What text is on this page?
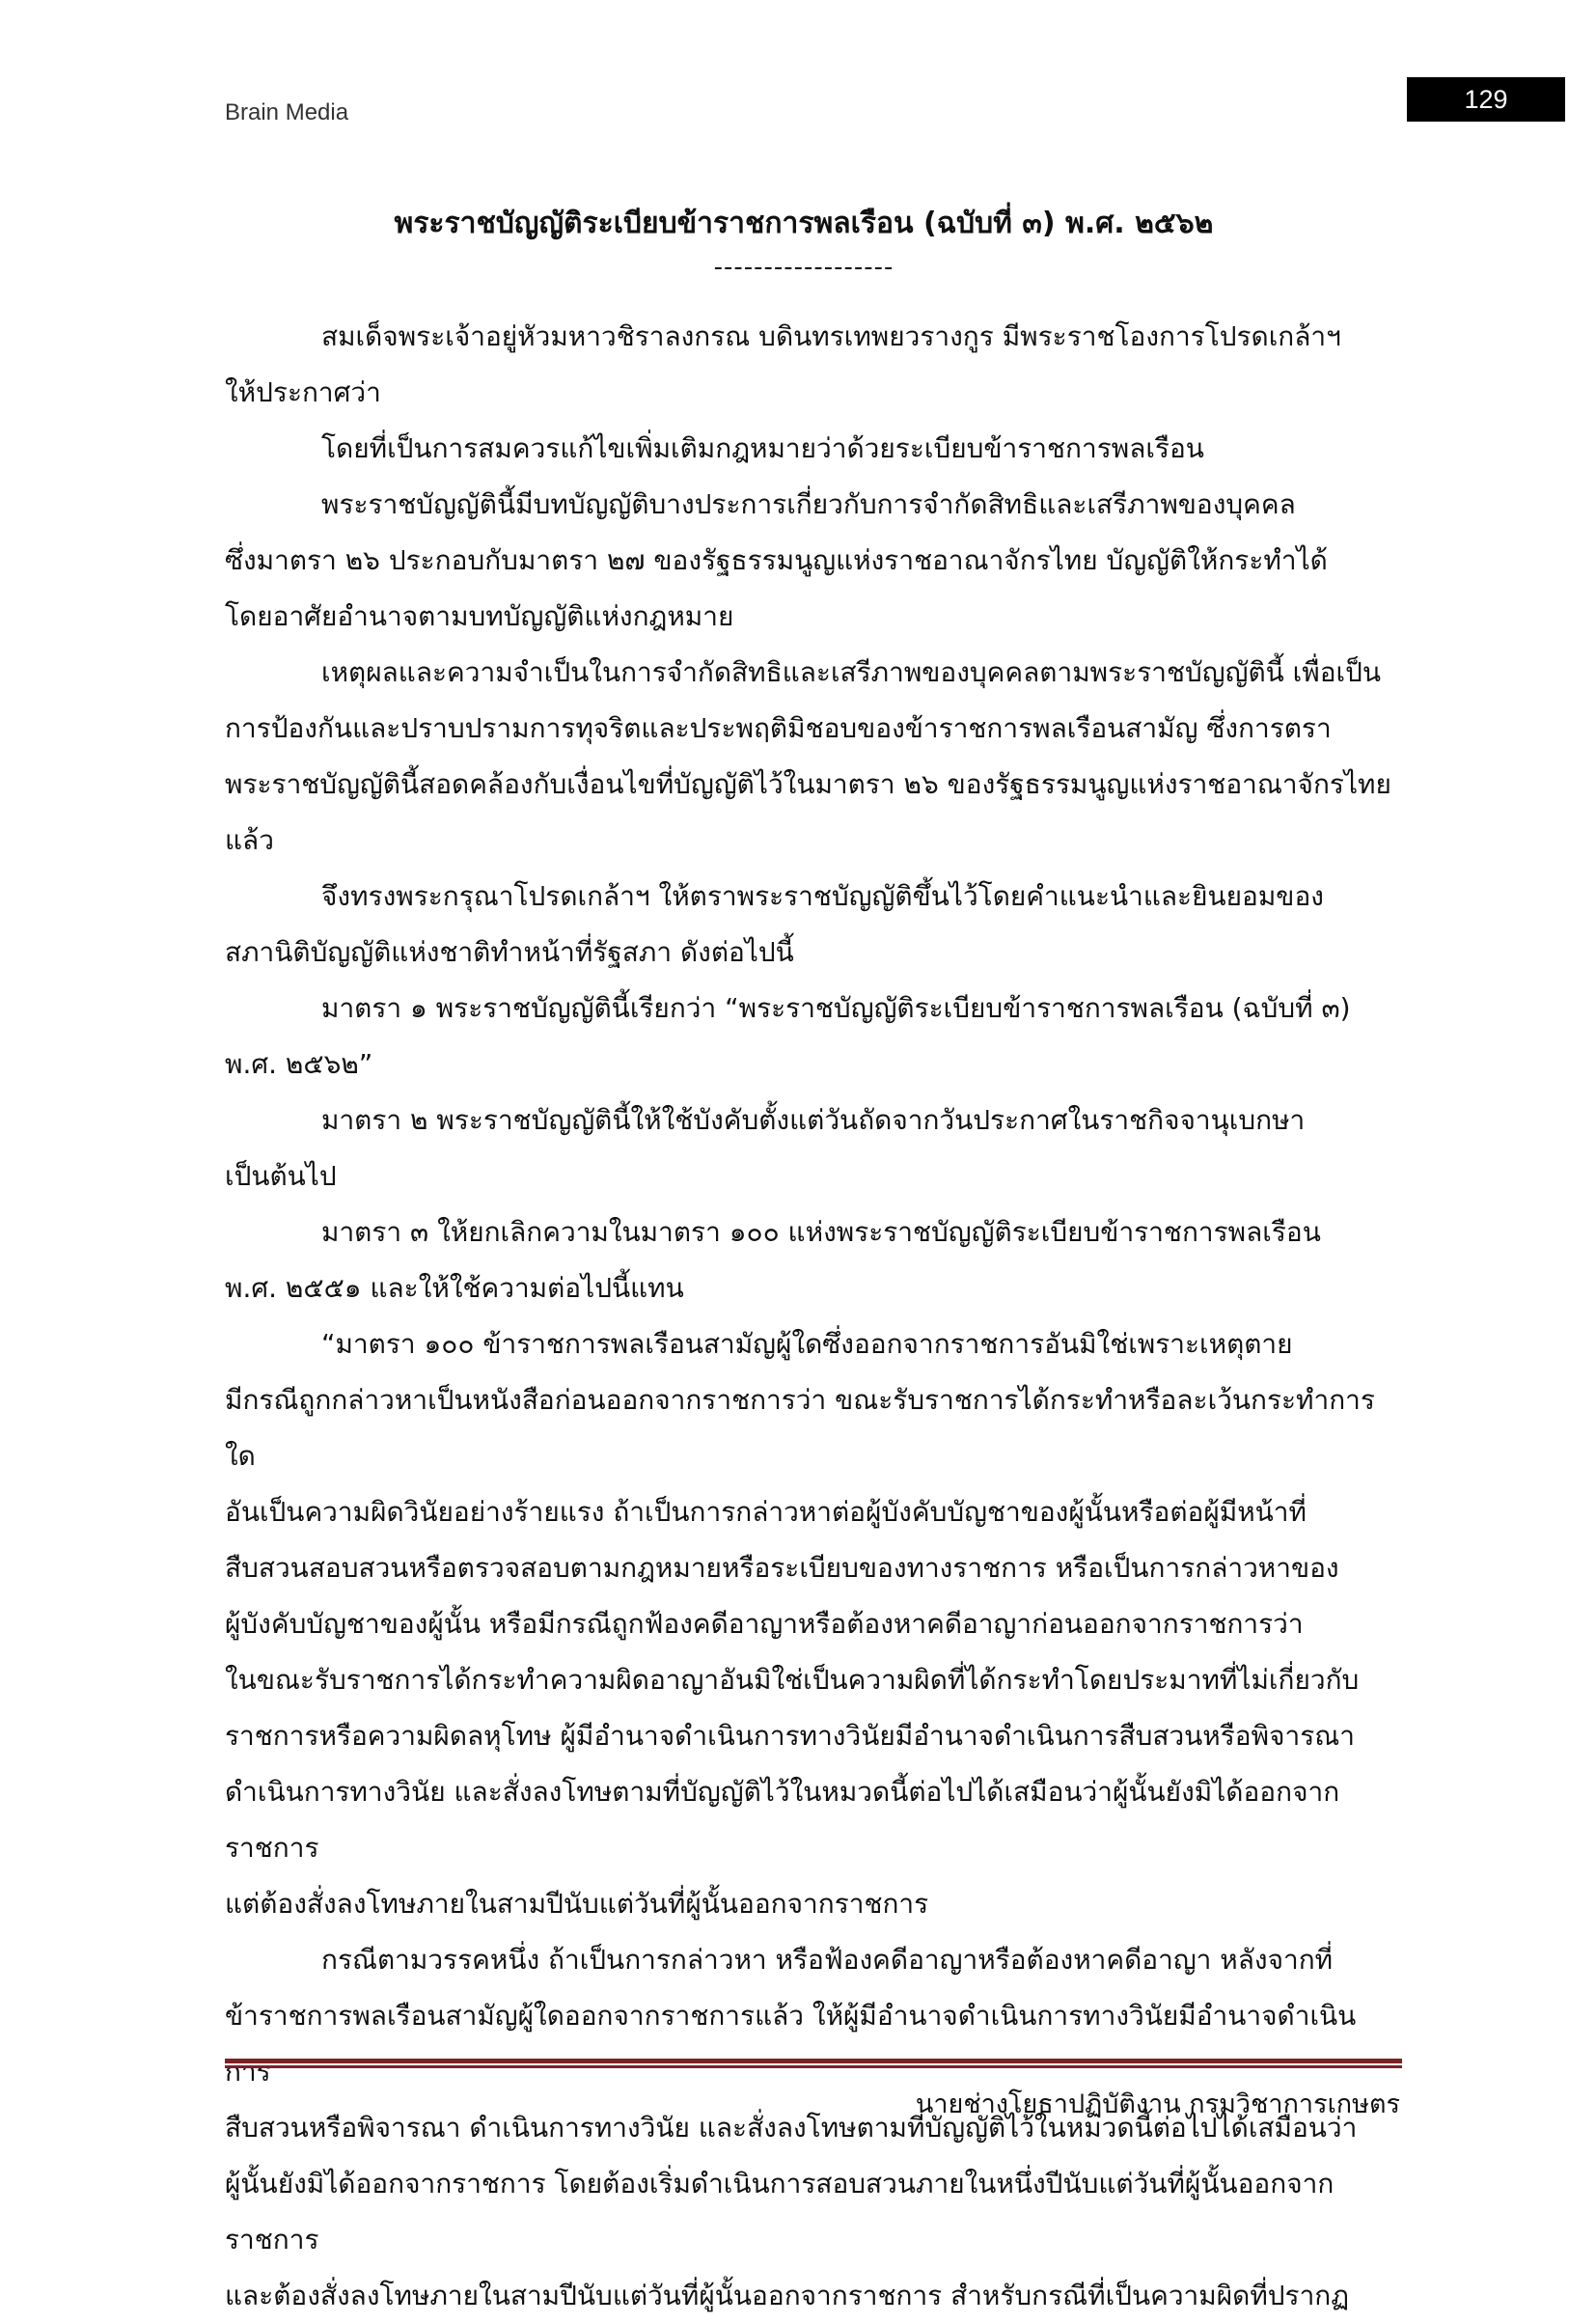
Brain Media	129
พระราชบัญญัติระเบียบข้าราชการพลเรือน (ฉบับที่ ๓) พ.ศ. ๒๕๖๒
------------------

สมเด็จพระเจ้าอยู่หัวมหาวชิราลงกรณ บดินทรเทพยวรางกูร มีพระราชโองการโปรดเกล้าฯ

ให้ประกาศว่า

โดยที่เป็นการสมควรแก้ไขเพิ่มเติมกฎหมายว่าด้วยระเบียบข้าราชการพลเรือน

พระราชบัญญัตินี้มีบทบัญญัติบางประการเกี่ยวกับการจำกัดสิทธิและเสรีภาพของบุคคล

ซึ่งมาตรา ๒๖ ประกอบกับมาตรา ๒๗ ของรัฐธรรมนูญแห่งราชอาณาจักรไทย บัญญัติให้กระทำได้

โดยอาศัยอำนาจตามบทบัญญัติแห่งกฎหมาย

เหตุผลและความจำเป็นในการจำกัดสิทธิและเสรีภาพของบุคคลตามพระราชบัญญัตินี้ เพื่อเป็น

การป้องกันและปราบปรามการทุจริตและประพฤติมิชอบของข้าราชการพลเรือนสามัญ ซึ่งการตรา

พระราชบัญญัตินี้สอดคล้องกับเงื่อนไขที่บัญญัติไว้ในมาตรา ๒๖ ของรัฐธรรมนูญแห่งราชอาณาจักรไทยแล้ว

จึงทรงพระกรุณาโปรดเกล้าฯ ให้ตราพระราชบัญญัติขึ้นไว้โดยคำแนะนำและยินยอมของ

สภานิติบัญญัติแห่งชาติทำหน้าที่รัฐสภา ดังต่อไปนี้

มาตรา ๑ พระราชบัญญัตินี้เรียกว่า “พระราชบัญญัติระเบียบข้าราชการพลเรือน (ฉบับที่ ๓)

พ.ศ. ๒๕๖๒”

มาตรา ๒ พระราชบัญญัตินี้ให้ใช้บังคับตั้งแต่วันถัดจากวันประกาศในราชกิจจานุเบกษา

เป็นต้นไป

มาตรา ๓ ให้ยกเลิกความในมาตรา ๑๐๐ แห่งพระราชบัญญัติระเบียบข้าราชการพลเรือน

พ.ศ. ๒๕๕๑ และให้ใช้ความต่อไปนี้แทน

“มาตรา ๑๐๐ ข้าราชการพลเรือนสามัญผู้ใดซึ่งออกจากราชการอันมิใช่เพราะเหตุตาย

มีกรณีถูกกล่าวหาเป็นหนังสือก่อนออกจากราชการว่า ขณะรับราชการได้กระทำหรือละเว้นกระทำการใด

อันเป็นความผิดวินัยอย่างร้ายแรง ถ้าเป็นการกล่าวหาต่อผู้บังคับบัญชาของผู้นั้นหรือต่อผู้มีหน้าที่

สืบสวนสอบสวนหรือตรวจสอบตามกฎหมายหรือระเบียบของทางราชการ หรือเป็นการกล่าวหาของ

ผู้บังคับบัญชาของผู้นั้น หรือมีกรณีถูกฟ้องคดีอาญาหรือต้องหาคดีอาญาก่อนออกจากราชการว่า

ในขณะรับราชการได้กระทำความผิดอาญาอันมิใช่เป็นความผิดที่ได้กระทำโดยประมาทที่ไม่เกี่ยวกับ

ราชการหรือความผิดลหุโทษ ผู้มีอำนาจดำเนินการทางวินัยมีอำนาจดำเนินการสืบสวนหรือพิจารณา

ดำเนินการทางวินัย และสั่งลงโทษตามที่บัญญัติไว้ในหมวดนี้ต่อไปได้เสมือนว่าผู้นั้นยังมิได้ออกจากราชการ

แต่ต้องสั่งลงโทษภายในสามปีนับแต่วันที่ผู้นั้นออกจากราชการ

กรณีตามวรรคหนึ่ง ถ้าเป็นการกล่าวหา หรือฟ้องคดีอาญาหรือต้องหาคดีอาญา หลังจากที่

ข้าราชการพลเรือนสามัญผู้ใดออกจากราชการแล้ว ให้ผู้มีอำนาจดำเนินการทางวินัยมีอำนาจดำเนินการ

สืบสวนหรือพิจารณา ดำเนินการทางวินัย และสั่งลงโทษตามที่บัญญัติไว้ในหมวดนี้ต่อไปได้เสมือนว่า

ผู้นั้นยังมิได้ออกจากราชการ โดยต้องเริ่มดำเนินการสอบสวนภายในหนึ่งปีนับแต่วันที่ผู้นั้นออกจากราชการ

และต้องสั่งลงโทษภายในสามปีนับแต่วันที่ผู้นั้นออกจากราชการ สำหรับกรณีที่เป็นความผิดที่ปรากฏ

นายช่างโยธาปฏิบัติงาน กรมวิชาการเกษตร
